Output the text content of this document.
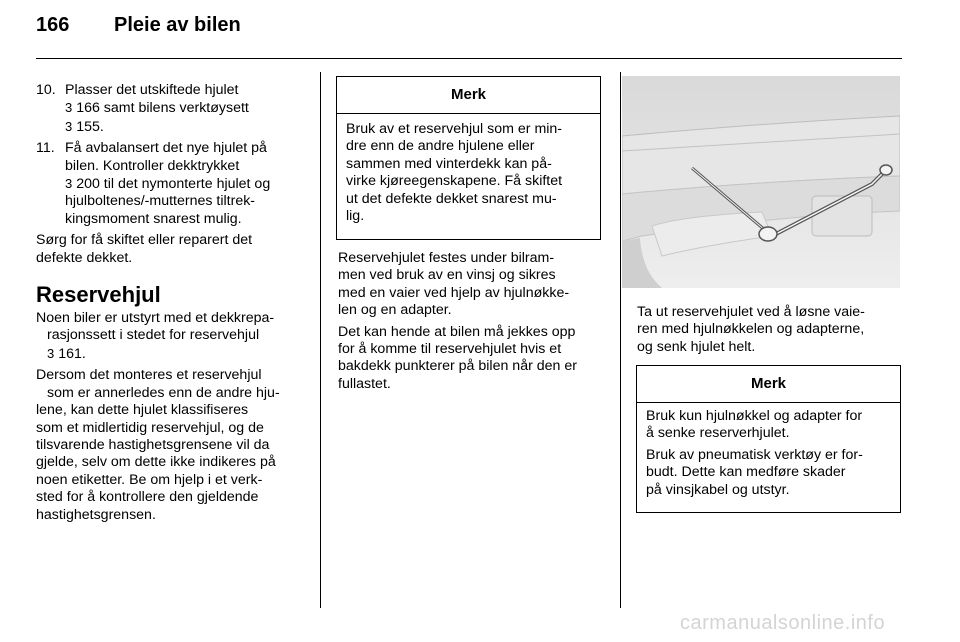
166 Pleie av bilen
10. Plasser det utskiftede hjulet
3 166 samt bilens verktøysett
3 155.
11. Få avbalansert det nye hjulet på
bilen. Kontroller dekktrykket
3 200 til det nymonterte hjulet og
hjulboltenes/-mutternes tiltrek-
kingsmoment snarest mulig.
Sørg for få skiftet eller reparert det
defekte dekket.
Reservehjul
Noen biler er utstyrt med et dekkrepa-
rasjonssett i stedet for reservehjul
3 161.
Dersom det monteres et reservehjul
som er annerledes enn de andre hju-
lene, kan dette hjulet klassifiseres
som et midlertidig reservehjul, og de
tilsvarende hastighetsgrensene vil da
gjelde, selv om dette ikke indikeres på
noen etiketter. Be om hjelp i et verk-
sted for å kontrollere den gjeldende
hastighetsgrensen.
Merk
Bruk av et reservehjul som er min-
dre enn de andre hjulene eller
sammen med vinterdekk kan på-
virke kjøreegenskapene. Få skiftet
ut det defekte dekket snarest mu-
lig.
Reservehjulet festes under bilram-
men ved bruk av en vinsj og sikres
med en vaier ved hjelp av hjulnøkke-
len og en adapter.
Det kan hende at bilen må jekkes opp
for å komme til reservehjulet hvis et
bakdekk punkterer på bilen når den er
fullastet.
Ta ut reservehjulet ved å løsne vaie-
ren med hjulnøkkelen og adapterne,
og senk hjulet helt.
Merk
Bruk kun hjulnøkkel og adapter for
å senke reserverhjulet.
Bruk av pneumatisk verktøy er for-
budt. Dette kan medføre skader
på vinsjkabel og utstyr.
carmanualsonline.info
